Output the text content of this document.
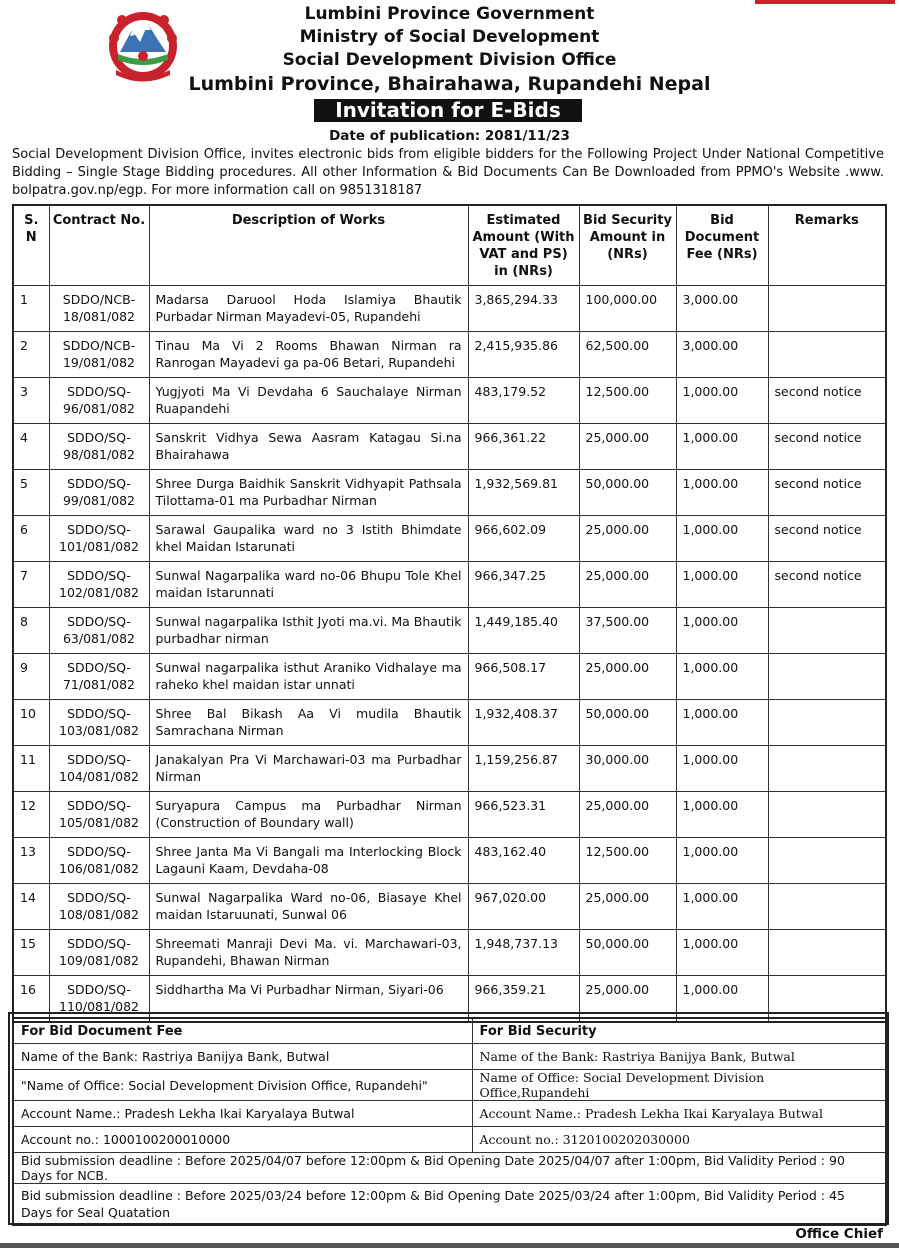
Lumbini Province Government
Ministry of Social Development
Social Development Division Office
Lumbini Province, Bhairahawa, Rupandehi Nepal
Invitation for E-Bids
Date of publication: 2081/11/23
Social Development Division Office, invites electronic bids from eligible bidders for the Following Project Under National Competitive Bidding – Single Stage Bidding procedures. All other Information & Bid Documents Can Be Downloaded from PPMO's Website .www. bolpatra.gov.np/egp. For more information call on 9851318187
S. N	Contract No.	Description of Works	Estimated Amount (With VAT and PS) in (NRs)	Bid Security Amount in (NRs)	Bid Document Fee (NRs)	Remarks
1	SDDO/NCB-18/081/082	Madarsa Daruool Hoda Islamiya Bhautik Purbadar Nirman Mayadevi-05, Rupandehi	3,865,294.33	100,000.00	3,000.00	
2	SDDO/NCB-19/081/082	Tinau Ma Vi 2 Rooms Bhawan Nirman ra Ranrogan Mayadevi ga pa-06 Betari, Rupandehi	2,415,935.86	62,500.00	3,000.00	
3	SDDO/SQ-96/081/082	Yugjyoti Ma Vi Devdaha 6 Sauchalaye Nirman Ruapandehi	483,179.52	12,500.00	1,000.00	second notice
4	SDDO/SQ-98/081/082	Sanskrit Vidhya Sewa Aasram Katagau Si.na Bhairahawa	966,361.22	25,000.00	1,000.00	second notice
5	SDDO/SQ-99/081/082	Shree Durga Baidhik Sanskrit Vidhyapit Pathsala Tilottama-01 ma Purbadhar Nirman	1,932,569.81	50,000.00	1,000.00	second notice
6	SDDO/SQ-101/081/082	Sarawal Gaupalika ward no 3 Istith Bhimdate khel Maidan Istarunati	966,602.09	25,000.00	1,000.00	second notice
7	SDDO/SQ-102/081/082	Sunwal Nagarpalika ward no-06 Bhupu Tole Khel maidan Istarunnati	966,347.25	25,000.00	1,000.00	second notice
8	SDDO/SQ-63/081/082	Sunwal nagarpalika Isthit Jyoti ma.vi. Ma Bhautik purbadhar nirman	1,449,185.40	37,500.00	1,000.00	
9	SDDO/SQ-71/081/082	Sunwal nagarpalika isthut Araniko Vidhalaye ma raheko khel maidan istar unnati	966,508.17	25,000.00	1,000.00	
10	SDDO/SQ-103/081/082	Shree Bal Bikash Aa Vi mudila Bhautik Samrachana Nirman	1,932,408.37	50,000.00	1,000.00	
11	SDDO/SQ-104/081/082	Janakalyan Pra Vi Marchawari-03 ma Purbadhar Nirman	1,159,256.87	30,000.00	1,000.00	
12	SDDO/SQ-105/081/082	Suryapura Campus ma Purbadhar Nirman (Construction of Boundary wall)	966,523.31	25,000.00	1,000.00	
13	SDDO/SQ-106/081/082	Shree Janta Ma Vi Bangali ma Interlocking Block Lagauni Kaam, Devdaha-08	483,162.40	12,500.00	1,000.00	
14	SDDO/SQ-108/081/082	Sunwal Nagarpalika Ward no-06, Biasaye Khel maidan Istaruunati, Sunwal 06	967,020.00	25,000.00	1,000.00	
15	SDDO/SQ-109/081/082	Shreemati Manraji Devi Ma. vi. Marchawari-03, Rupandehi, Bhawan Nirman	1,948,737.13	50,000.00	1,000.00	
16	SDDO/SQ-110/081/082	Siddhartha Ma Vi Purbadhar Nirman, Siyari-06	966,359.21	25,000.00	1,000.00	
For Bid Document Fee	For Bid Security
Name of the Bank: Rastriya Banijya Bank, Butwal	Name of the Bank: Rastriya Banijya Bank, Butwal
"Name of Office: Social Development Division Office, Rupandehi"	Name of Office: Social Development Division Office,Rupandehi
Account Name.: Pradesh Lekha Ikai Karyalaya Butwal	Account Name.: Pradesh Lekha Ikai Karyalaya Butwal
Account no.: 1000100200010000	Account no.: 3120100202030000
Bid submission deadline : Before 2025/04/07 before 12:00pm & Bid Opening Date 2025/04/07 after 1:00pm, Bid Validity Period : 90 Days for NCB.	
Bid submission deadline : Before 2025/03/24 before 12:00pm & Bid Opening Date 2025/03/24 after 1:00pm, Bid Validity Period : 45 Days for Seal Quatation	
Office Chief
